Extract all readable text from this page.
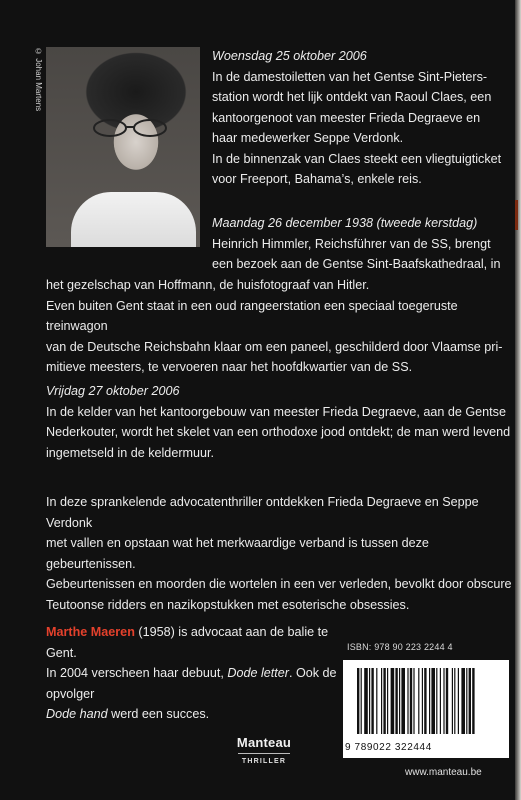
© Johan Martens	Woensdag 25 oktober 2006

In de damestoiletten van het Gentse Sint-Pieters-

station wordt het lijk ontdekt van Raoul Claes, een

kantoorgenoot van meester Frieda Degraeve en

haar medewerker Seppe Verdonk.

In de binnenzak van Claes steekt een vliegtuigticket

voor Freeport, Bahama’s, enkele reis.

Maandag 26 december 1938 (tweede kerstdag)

Heinrich Himmler, Reichsführer van de SS, brengt

een bezoek aan de Gentse Sint-Baafskathedraal, in

het gezelschap van Hoffmann, de huisfotograaf van Hitler.

Even buiten Gent staat in een oud rangeerstation een speciaal toegeruste treinwagon

van de Deutsche Reichsbahn klaar om een paneel, geschilderd door Vlaamse pri-

mitieve meesters, te vervoeren naar het hoofdkwartier van de SS.

Vrijdag 27 oktober 2006

In de kelder van het kantoorgebouw van meester Frieda Degraeve, aan de Gentse

Nederkouter, wordt het skelet van een orthodoxe jood ontdekt; de man werd levend

ingemetseld in de keldermuur.

In deze sprankelende advocatenthriller ontdekken Frieda Degraeve en Seppe Verdonk

met vallen en opstaan wat het merkwaardige verband is tussen deze gebeurtenissen.

Gebeurtenissen en moorden die wortelen in een ver verleden, bevolkt door obscure

Teutoonse ridders en nazikopstukken met esoterische obsessies.

Marthe Maeren (1958) is advocaat aan de balie te Gent.

In 2004 verscheen haar debuut, Dode letter. Ook de opvolger

Dode hand werd een succes.

ISBN: 978 90 223 2244 4
9 789022 322444
Manteau
THRILLER
www.manteau.be
